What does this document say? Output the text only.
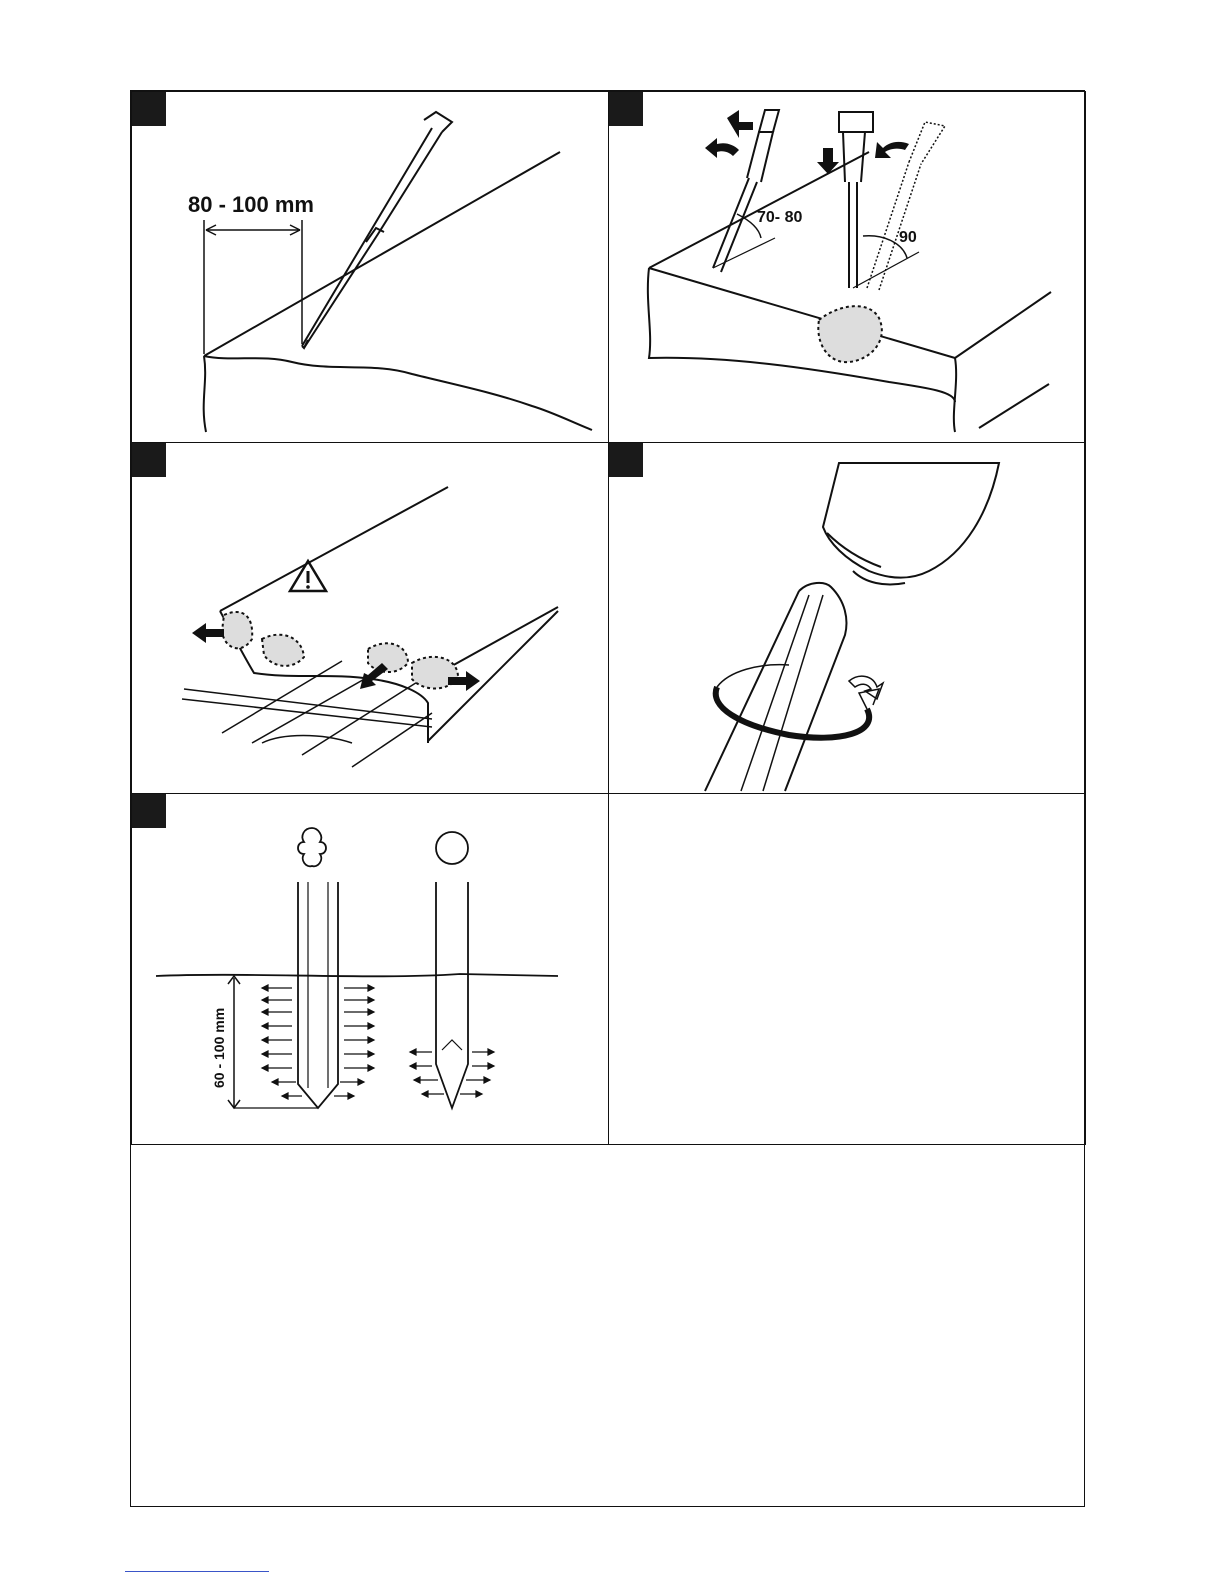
80 - 100 mm
70- 80
90
60 - 100 mm
